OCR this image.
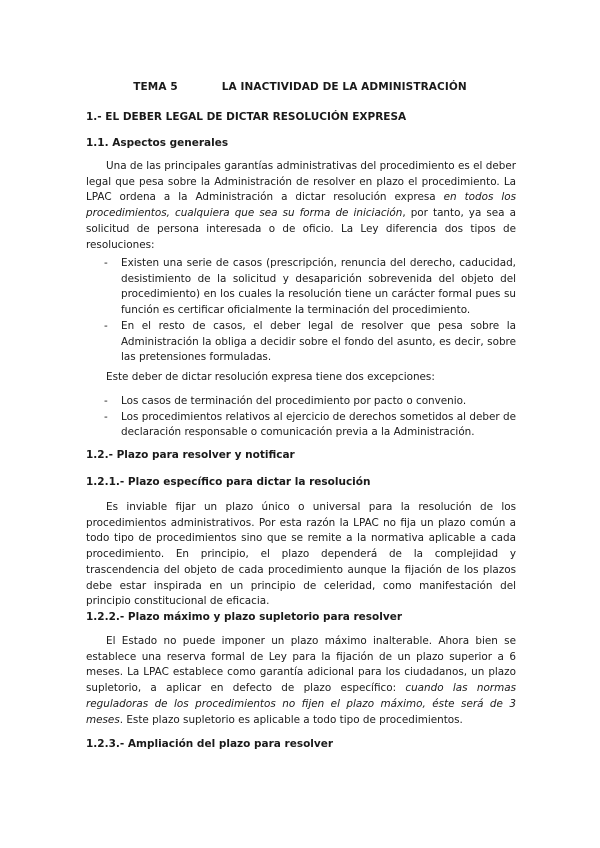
TEMA 5	LA INACTIVIDAD DE LA ADMINISTRACIÓN
1.- EL DEBER LEGAL DE DICTAR RESOLUCIÓN EXPRESA
1.1. Aspectos generales

Una de las principales garantías administrativas del procedimiento es el deber legal que pesa sobre la Administración de resolver en plazo el procedimiento. La LPAC ordena a la Administración a dictar resolución expresa en todos los procedimientos, cualquiera que sea su forma de iniciación, por tanto, ya sea a solicitud de persona interesada o de oficio. La Ley diferencia dos tipos de resoluciones:

- Existen una serie de casos (prescripción, renuncia del derecho, caducidad, desistimiento de la solicitud y desaparición sobrevenida del objeto del procedimiento) en los cuales la resolución tiene un carácter formal pues su función es certificar oficialmente la terminación del procedimiento.
- En el resto de casos, el deber legal de resolver que pesa sobre la Administración la obliga a decidir sobre el fondo del asunto, es decir, sobre las pretensiones formuladas.

Este deber de dictar resolución expresa tiene dos excepciones:

- Los casos de terminación del procedimiento por pacto o convenio.
- Los procedimientos relativos al ejercicio de derechos sometidos al deber de declaración responsable o comunicación previa a la Administración.
1.2.- Plazo para resolver y notificar
1.2.1.- Plazo específico para dictar la resolución

Es inviable fijar un plazo único o universal para la resolución de los procedimientos administrativos. Por esta razón la LPAC no fija un plazo común a todo tipo de procedimientos sino que se remite a la normativa aplicable a cada procedimiento. En principio, el plazo dependerá de la complejidad y trascendencia del objeto de cada procedimiento aunque la fijación de los plazos debe estar inspirada en un principio de celeridad, como manifestación del principio constitucional de eficacia.

1.2.2.- Plazo máximo y plazo supletorio para resolver

El Estado no puede imponer un plazo máximo inalterable. Ahora bien se establece una reserva formal de Ley para la fijación de un plazo superior a 6 meses. La LPAC establece como garantía adicional para los ciudadanos, un plazo supletorio, a aplicar en defecto de plazo específico: cuando las normas reguladoras de los procedimientos no fijen el plazo máximo, éste será de 3 meses. Este plazo supletorio es aplicable a todo tipo de procedimientos.

1.2.3.- Ampliación del plazo para resolver
